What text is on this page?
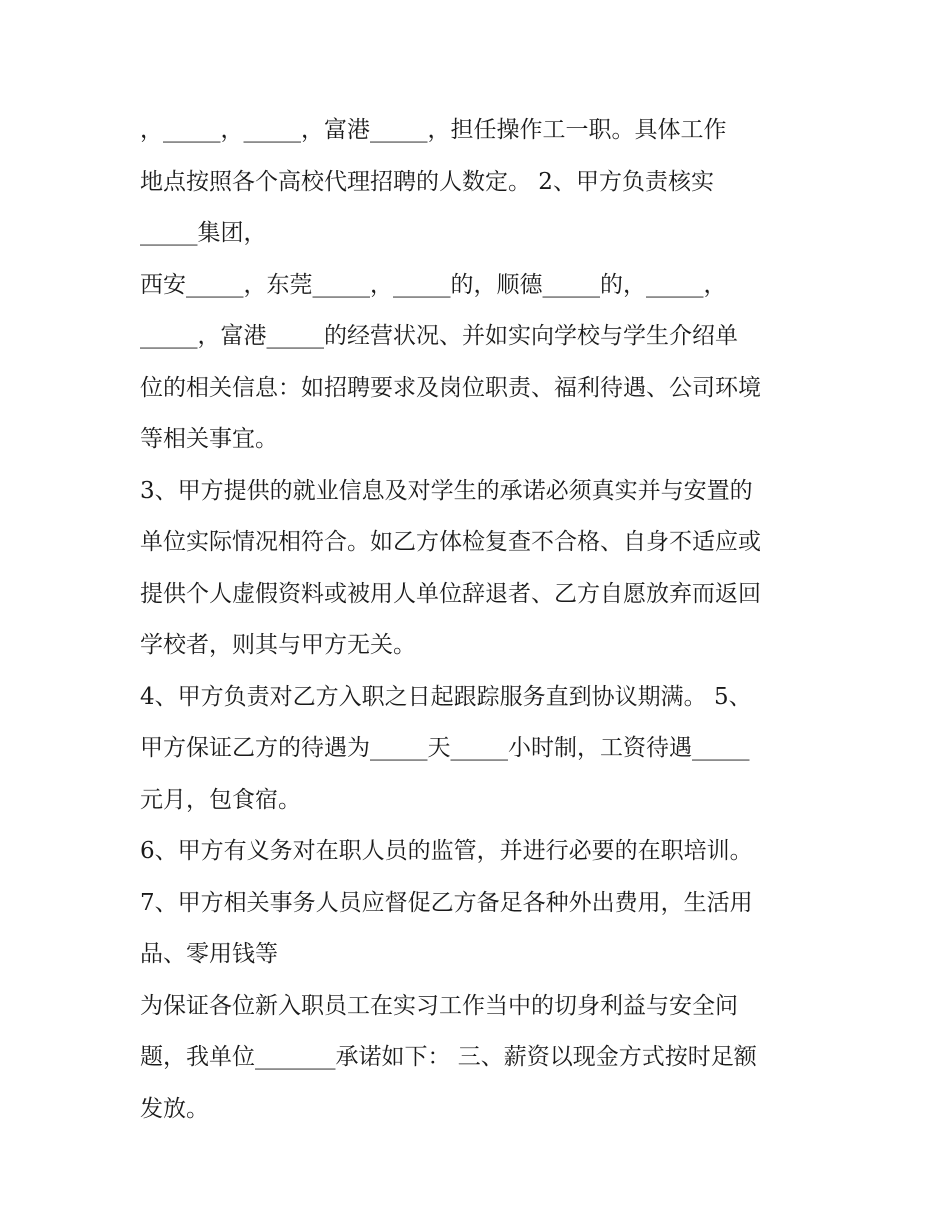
，_____，_____，富港_____，担任操作工一职。具体工作
地点按照各个高校代理招聘的人数定。 2、甲方负责核实
_____集团，
西安_____，东莞_____，_____的，顺德_____的，_____，
_____，富港_____的经营状况、并如实向学校与学生介绍单
位的相关信息：如招聘要求及岗位职责、福利待遇、公司环境
等相关事宜。
3、甲方提供的就业信息及对学生的承诺必须真实并与安置的
单位实际情况相符合。如乙方体检复查不合格、自身不适应或
提供个人虚假资料或被用人单位辞退者、乙方自愿放弃而返回
学校者，则其与甲方无关。
4、甲方负责对乙方入职之日起跟踪服务直到协议期满。 5、
甲方保证乙方的待遇为_____天_____小时制，工资待遇_____
元月，包食宿。
6、甲方有义务对在职人员的监管，并进行必要的在职培训。
7、甲方相关事务人员应督促乙方备足各种外出费用，生活用
品、零用钱等
为保证各位新入职员工在实习工作当中的切身利益与安全问
题，我单位_______承诺如下： 三、薪资以现金方式按时足额
发放。
